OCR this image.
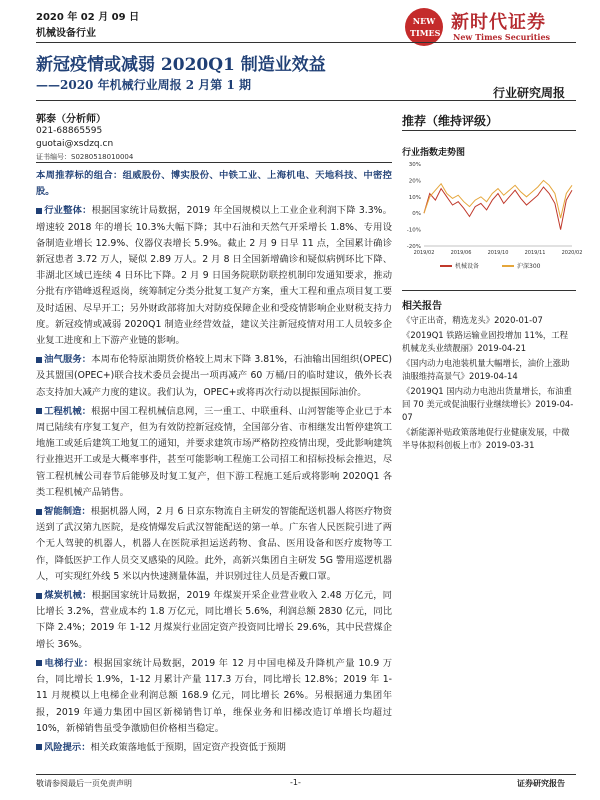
2020 年 02 月 09 日
机械设备行业
NEW TIMES 新时代证券
New Times Securities
新冠疫情或减弱 2020Q1 制造业效益
——2020 年机械行业周报 2 月第 1 期
行业研究周报
郭泰（分析师）
021-68865595
guotai@xsdzq.cn
证书编号：S0280518010004
推荐（维持评级）
行业指数走势图
30%
20%
10%
0%
-10%
-20%
2019/02	2019/06	2019/10	2019/11	2020/02
机械设备	沪深300
相关报告
《守正出奇，精选龙头》2020-01-07
《2019Q1 铁路运输业固投增加 11%，工程机械龙头业绩靓丽》2019-04-21
《国内动力电池装机量大幅增长，油价上涨助油服维持高景气》2019-04-14
《2019Q1 国内动力电池出货量增长，布油重回 70 美元或促油服行业继续增长》2019-04-07
《新能源补贴政策落地促行业健康发展，中微半导体拟科创板上市》2019-03-31
本周推荐标的组合：组威股份、博实股份、中铁工业、上海机电、天地科技、中密控股。
行业整体：根据国家统计局数据，2019 年全国规模以上工业企业利润下降 3.3%。增速较 2018 年的增长 10.3%大幅下降；其中石油和天然气开采增长 1.8%、专用设备制造业增长 12.9%、仪器仪表增长 5.9%。截止 2 月 9 日早 11 点，全国累计确诊新冠患者 3.72 万人，疑似 2.89 万人。2 月 8 日全国新增确诊和疑似病例环比下降、非湖北区域已连续 4 日环比下降。2 月 9 日国务院联防联控机制印发通知要求，推动分批有序错峰返程返岗，统筹制定分类分批复工复产方案，重大工程和重点项目复工要及时适困、尽早开工；另外财政部将加大对防疫保障企业和受疫情影响企业财税支持力度。新冠疫情或减弱 2020Q1 制造业经营效益，建议关注新冠疫情对用工人员较多企业复工进度和上下游产业链的影响。
油气服务：本周布伦特原油期货价格较上周末下降 3.81%，石油输出国组织(OPEC)及其盟国(OPEC+)联合技术委员会提出一项再减产 60 万桶/日的临时建议，俄外长表态支持加大减产力度的建议。我们认为，OPEC+或将再次行动以提振国际油价。
工程机械：根据中国工程机械信息网，三一重工、中联重科、山河智能等企业已于本周已陆续有序复工复产，但为有效防控新冠疫情，全国部分省、市相继发出暂停建筑工地施工或延后建筑工地复工的通知，并要求建筑市场严格防控疫情出现，受此影响建筑行业推迟开工或是大概率事件，甚至可能影响工程施工公司招工和招标投标会推迟，尽管工程机械公司春节后能够及时复工复产，但下游工程施工延后或将影响 2020Q1 各类工程机械产品销售。
智能制造：根据机器人网，2 月 6 日京东物流自主研发的智能配送机器人将医疗物资送到了武汉第九医院，是疫情爆发后武汉智能配送的第一单。广东省人民医院引进了两个无人驾驶的机器人，机器人在医院承担运送药物、食品、医用设备和医疗废物等工作，降低医护工作人员交叉感染的风险。此外，高新兴集团自主研发 5G 警用巡逻机器人，可实现红外线 5 米以内快速测量体温，并识别过往人员是否戴口罩。
煤炭机械：根据国家统计局数据，2019 年煤炭开采企业营业收入 2.48 万亿元，同比增长 3.2%，营业成本约 1.8 万亿元，同比增长 5.6%，利润总额 2830 亿元，同比下降 2.4%；2019 年 1-12 月煤炭行业固定资产投资同比增长 29.6%，其中民营煤企增长 36%。
电梯行业：根据国家统计局数据，2019 年 12 月中国电梯及升降机产量 10.9 万台，同比增长 1.9%，1-12 月累计产量 117.3 万台，同比增长 12.8%；2019 年 1-11 月规模以上电梯企业利润总额 168.9 亿元，同比增长 26%。另根据通力集团年报，2019 年通力集团中国区新梯销售订单，维保业务和旧梯改造订单增长均超过 10%，新梯销售虽受争激励但价格相当稳定。
风险提示：相关政策落地低于预期，固定资产投资低于预期
敬请参阅最后一页免责声明	-1-	证券研究报告
